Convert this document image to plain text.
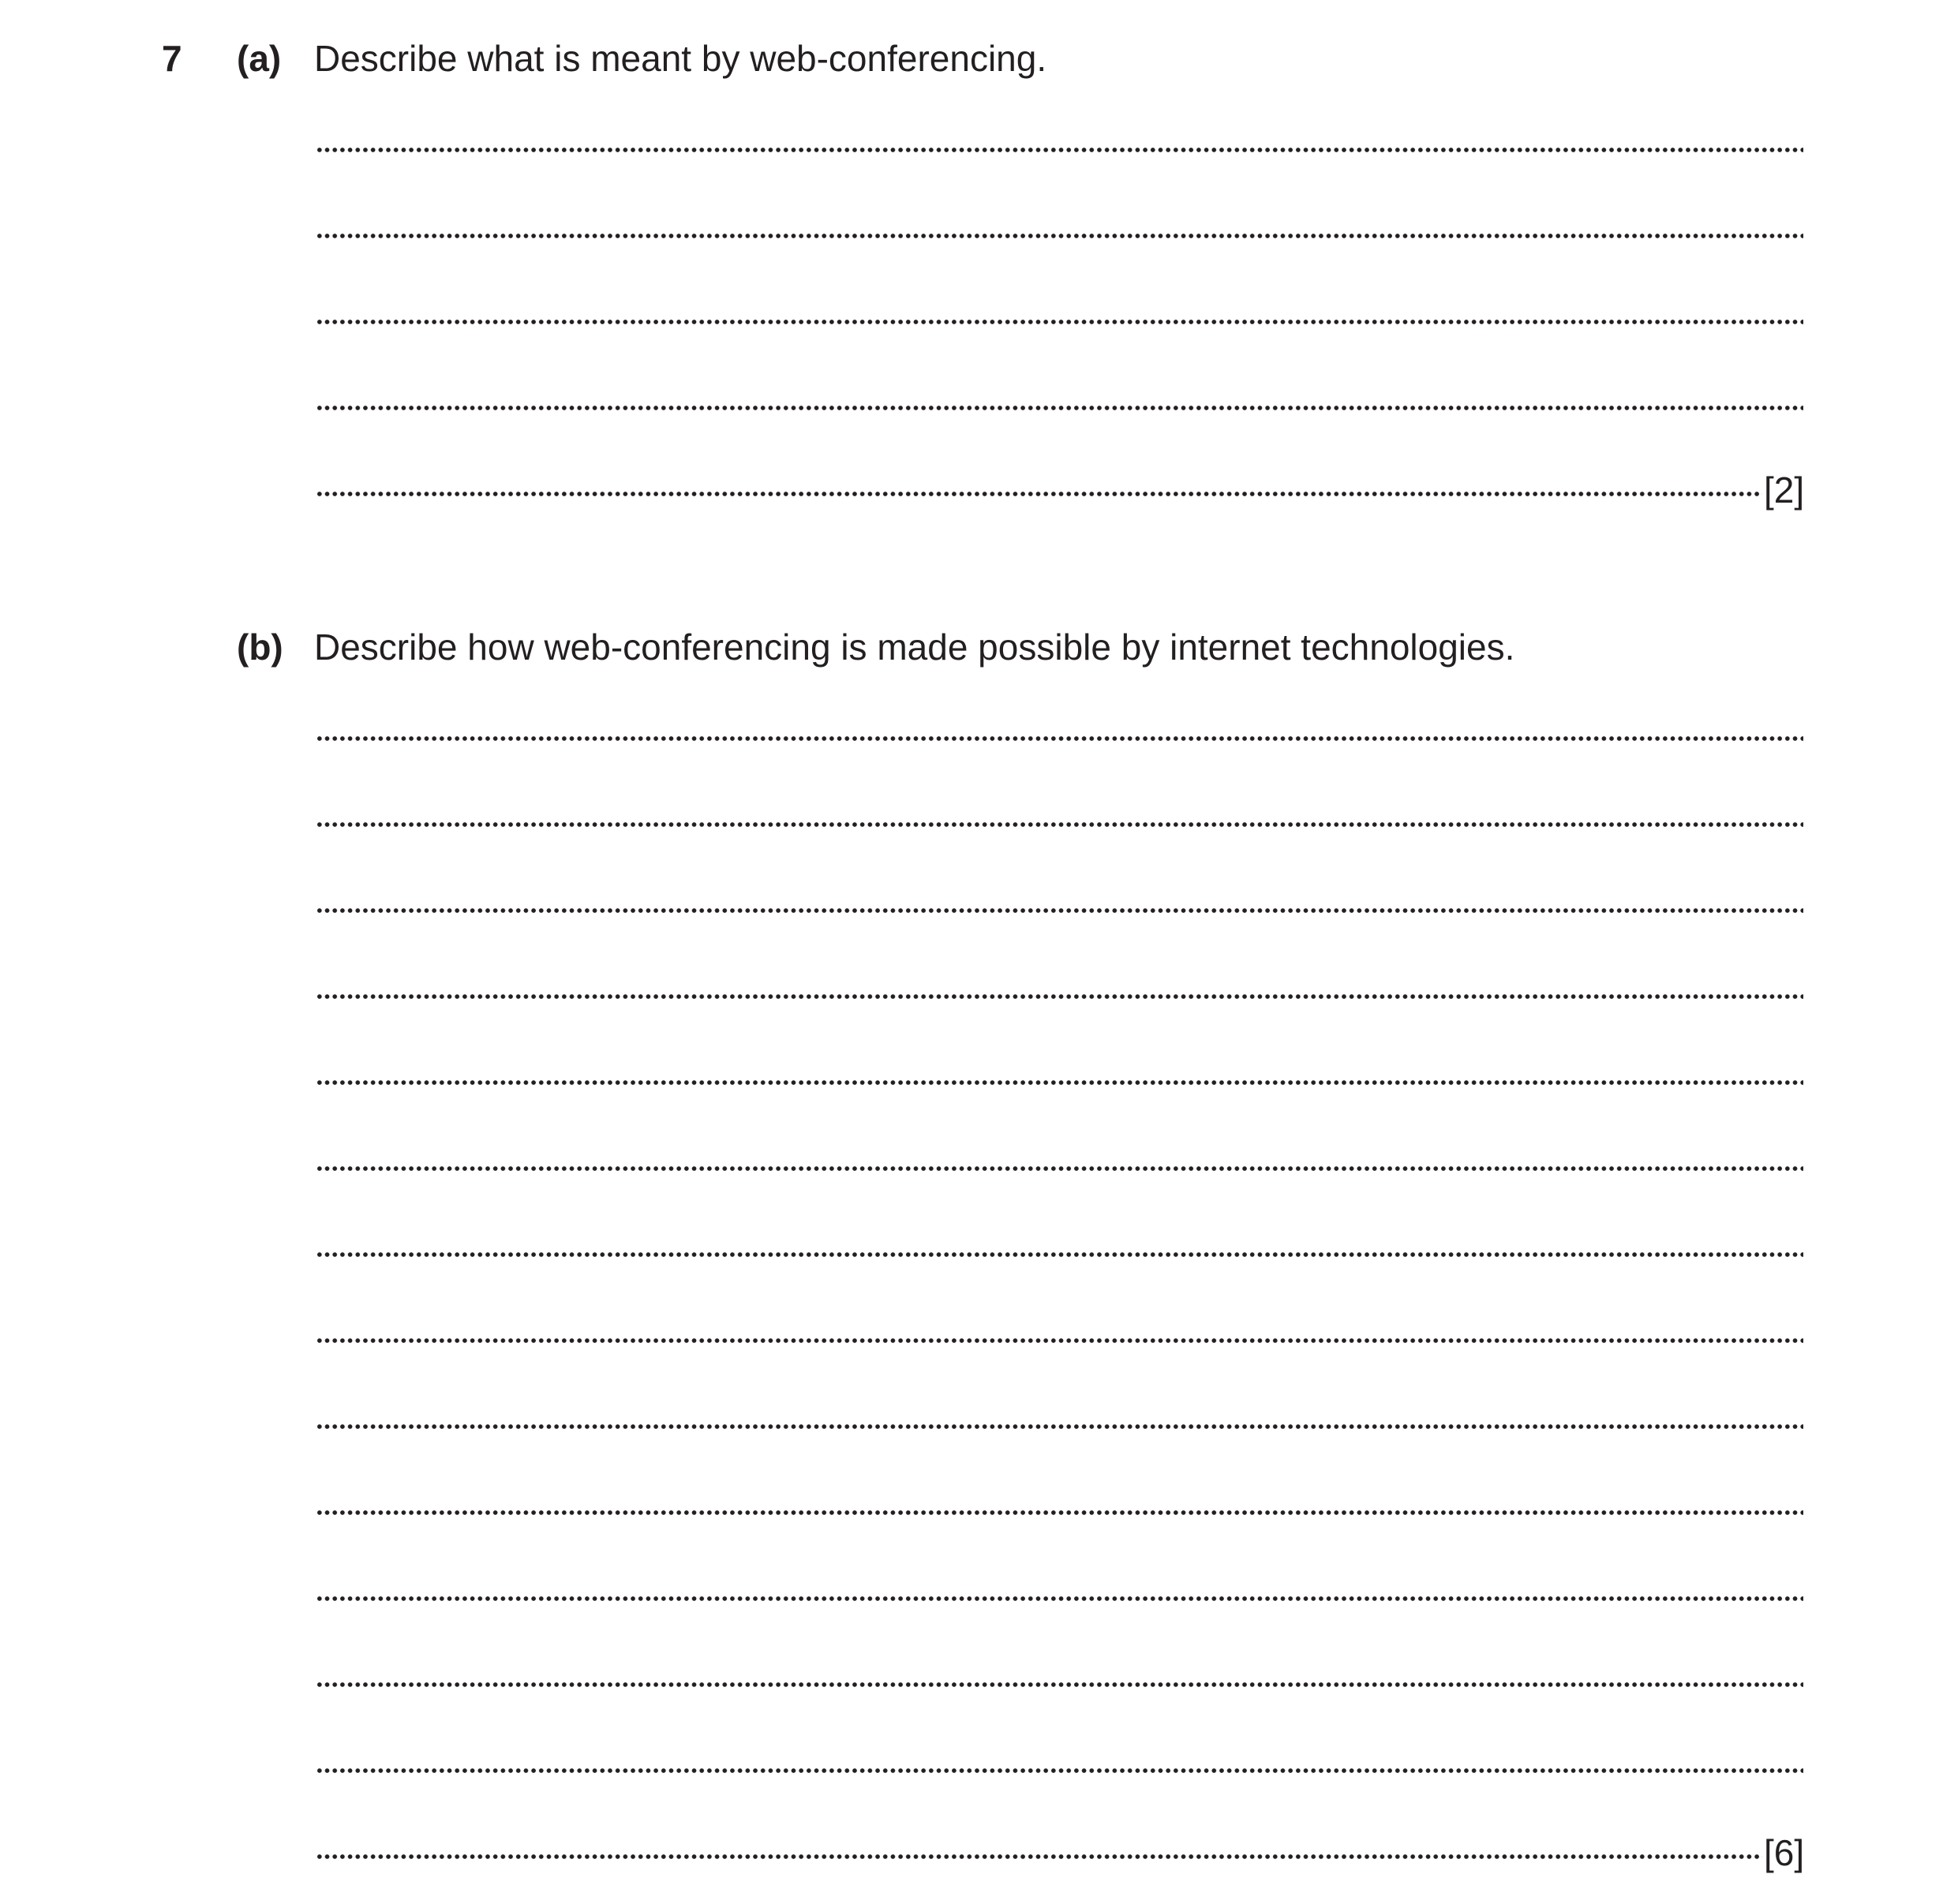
7 (a) Describe what is meant by web-conferencing.
[2]
(b) Describe how web-conferencing is made possible by internet technologies.
[6]
